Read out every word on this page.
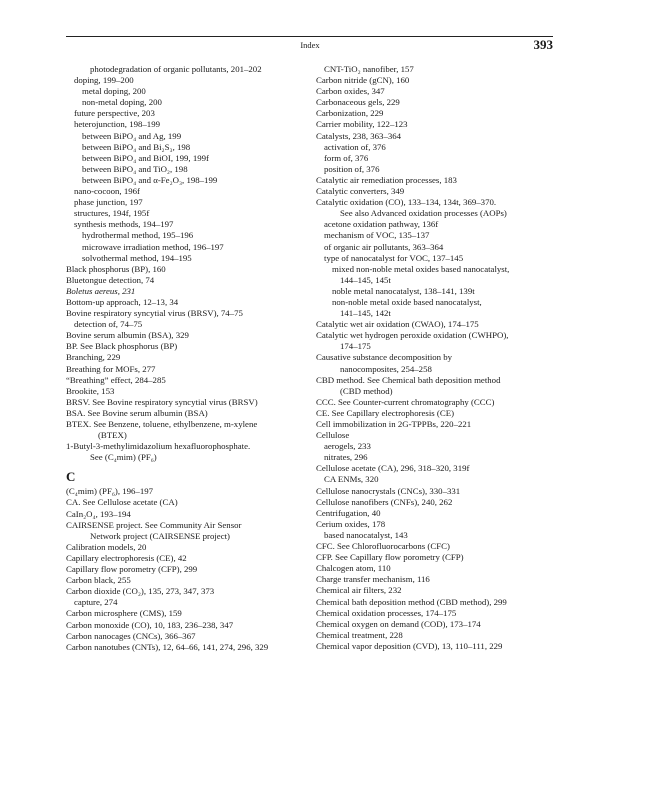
Index	393
photodegradation of organic pollutants, 201–202
doping, 199–200
metal doping, 200
non-metal doping, 200
future perspective, 203
heterojunction, 198–199
between BiPO₄ and Ag, 199
between BiPO₄ and Bi₂S₃, 198
between BiPO₄ and BiOI, 199, 199f
between BiPO₄ and TiO₂, 198
between BiPO₄ and α-Fe₂O₃, 198–199
nano-cocoon, 196f
phase junction, 197
structures, 194f, 195f
synthesis methods, 194–197
hydrothermal method, 195–196
microwave irradiation method, 196–197
solvothermal method, 194–195
Black phosphorus (BP), 160
Bluetongue detection, 74
Boletus aereus, 231
Bottom-up approach, 12–13, 34
Bovine respiratory syncytial virus (BRSV), 74–75
detection of, 74–75
Bovine serum albumin (BSA), 329
BP. See Black phosphorus (BP)
Branching, 229
Breathing for MOFs, 277
“Breathing” effect, 284–285
Brookite, 153
BRSV. See Bovine respiratory syncytial virus (BRSV)
BSA. See Bovine serum albumin (BSA)
BTEX. See Benzene, toluene, ethylbenzene, m-xylene
(BTEX)
1-Butyl-3-methylimidazolium hexafluorophosphate.
See (C₄mim) (PF₆)
C
(C₄mim) (PF₆), 196–197
CA. See Cellulose acetate (CA)
CaIn₂O₄, 193–194
CAIRSENSE project. See Community Air Sensor
Network project (CAIRSENSE project)
Calibration models, 20
Capillary electrophoresis (CE), 42
Capillary flow porometry (CFP), 299
Carbon black, 255
Carbon dioxide (CO₂), 135, 273, 347, 373
capture, 274
Carbon microsphere (CMS), 159
Carbon monoxide (CO), 10, 183, 236–238, 347
Carbon nanocages (CNCs), 366–367
Carbon nanotubes (CNTs), 12, 64–66, 141, 274, 296, 329
CNT-TiO₂ nanofiber, 157
Carbon nitride (gCN), 160
Carbon oxides, 347
Carbonaceous gels, 229
Carbonization, 229
Carrier mobility, 122–123
Catalysts, 238, 363–364
activation of, 376
form of, 376
position of, 376
Catalytic air remediation processes, 183
Catalytic converters, 349
Catalytic oxidation (CO), 133–134, 134t, 369–370.
See also Advanced oxidation processes (AOPs)
acetone oxidation pathway, 136f
mechanism of VOC, 135–137
of organic air pollutants, 363–364
type of nanocatalyst for VOC, 137–145
mixed non-noble metal oxides based nanocatalyst,
144–145, 145t
noble metal nanocatalyst, 138–141, 139t
non-noble metal oxide based nanocatalyst,
141–145, 142t
Catalytic wet air oxidation (CWAO), 174–175
Catalytic wet hydrogen peroxide oxidation (CWHPO),
174–175
Causative substance decomposition by
nanocomposites, 254–258
CBD method. See Chemical bath deposition method
(CBD method)
CCC. See Counter-current chromatography (CCC)
CE. See Capillary electrophoresis (CE)
Cell immobilization in 2G-TPPBs, 220–221
Cellulose
aerogels, 233
nitrates, 296
Cellulose acetate (CA), 296, 318–320, 319f
CA ENMs, 320
Cellulose nanocrystals (CNCs), 330–331
Cellulose nanofibers (CNFs), 240, 262
Centrifugation, 40
Cerium oxides, 178
based nanocatalyst, 143
CFC. See Chlorofluorocarbons (CFC)
CFP. See Capillary flow porometry (CFP)
Chalcogen atom, 110
Charge transfer mechanism, 116
Chemical air filters, 232
Chemical bath deposition method (CBD method), 299
Chemical oxidation processes, 174–175
Chemical oxygen on demand (COD), 173–174
Chemical treatment, 228
Chemical vapor deposition (CVD), 13, 110–111, 229
